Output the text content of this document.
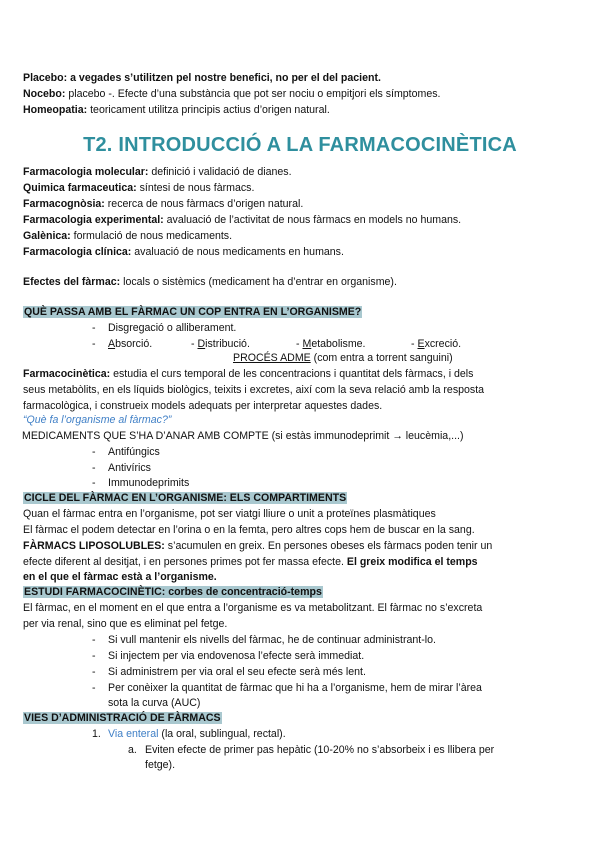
Placebo: a vegades s’utilitzen pel nostre benefici, no per el del pacient.
Nocebo: placebo -. Efecte d’una substància que pot ser nociu o empitjori els símptomes.
Homeopatia: teoricament utilitza principis actius d’origen natural.
T2. INTRODUCCIÓ A LA FARMACOCINÈTICA
Farmacologia molecular: definició i validació de dianes.
Quimica farmaceutica: síntesi de nous fàrmacs.
Farmacognòsia: recerca de nous fàrmacs d’origen natural.
Farmacologia experimental: avaluació de l’activitat de nous fàrmacs en models no humans.
Galènica: formulació de nous medicaments.
Farmacologia clínica: avaluació de nous medicaments en humans.
Efectes del fàrmac: locals o sistèmics (medicament ha d’entrar en organisme).
QUÈ PASSA AMB EL FÀRMAC UN COP ENTRA EN L’ORGANISME?
- Disgregació o alliberament.
- Absorció.	- Distribució.	- Metabolisme.	- Excreció.
PROCÉS ADME (com entra a torrent sanguini)
Farmacocinètica: estudia el curs temporal de les concentracions i quantitat dels fàrmacs, i dels
seus metabòlits, en els líquids biològics, teixits i excretes, així com la seva relació amb la resposta
farmacològica, i construeix models adequats per interpretar aquestes dades.
“Què fa l’organisme al fàrmac?”
MEDICAMENTS QUE S’HA D’ANAR AMB COMPTE (si estàs immunodeprimit → leucèmia,...)
- Antifúngics
- Antivírics
- Immunodeprimits
CICLE DEL FÀRMAC EN L’ORGANISME: ELS COMPARTIMENTS
Quan el fàrmac entra en l’organisme, pot ser viatgi lliure o unit a proteïnes plasmàtiques
El fàrmac el podem detectar en l’orina o en la femta, pero altres cops hem de buscar en la sang.
FÀRMACS LIPOSOLUBLES: s’acumulen en greix. En persones obeses els fàrmacs poden tenir un
efecte diferent al desitjat, i en persones primes pot fer massa efecte. El greix modifica el temps
en el que el fàrmac està a l’organisme.
ESTUDI FARMACOCINÈTIC: corbes de concentració-temps
El fàrmac, en el moment en el que entra a l’organisme es va metabolitzant. El fàrmac no s’excreta
per via renal, sino que es eliminat pel fetge.
- Si vull mantenir els nivells del fàrmac, he de continuar administrant-lo.
- Si injectem per via endovenosa l’efecte serà immediat.
- Si administrem per via oral el seu efecte serà més lent.
- Per conèixer la quantitat de fàrmac que hi ha a l’organisme, hem de mirar l’àrea
sota la curva (AUC)
VIES D’ADMINISTRACIÓ DE FÀRMACS
1. Via enteral (la oral, sublingual, rectal).
a. Eviten efecte de primer pas hepàtic (10-20% no s’absorbeix i es llibera per
fetge).
